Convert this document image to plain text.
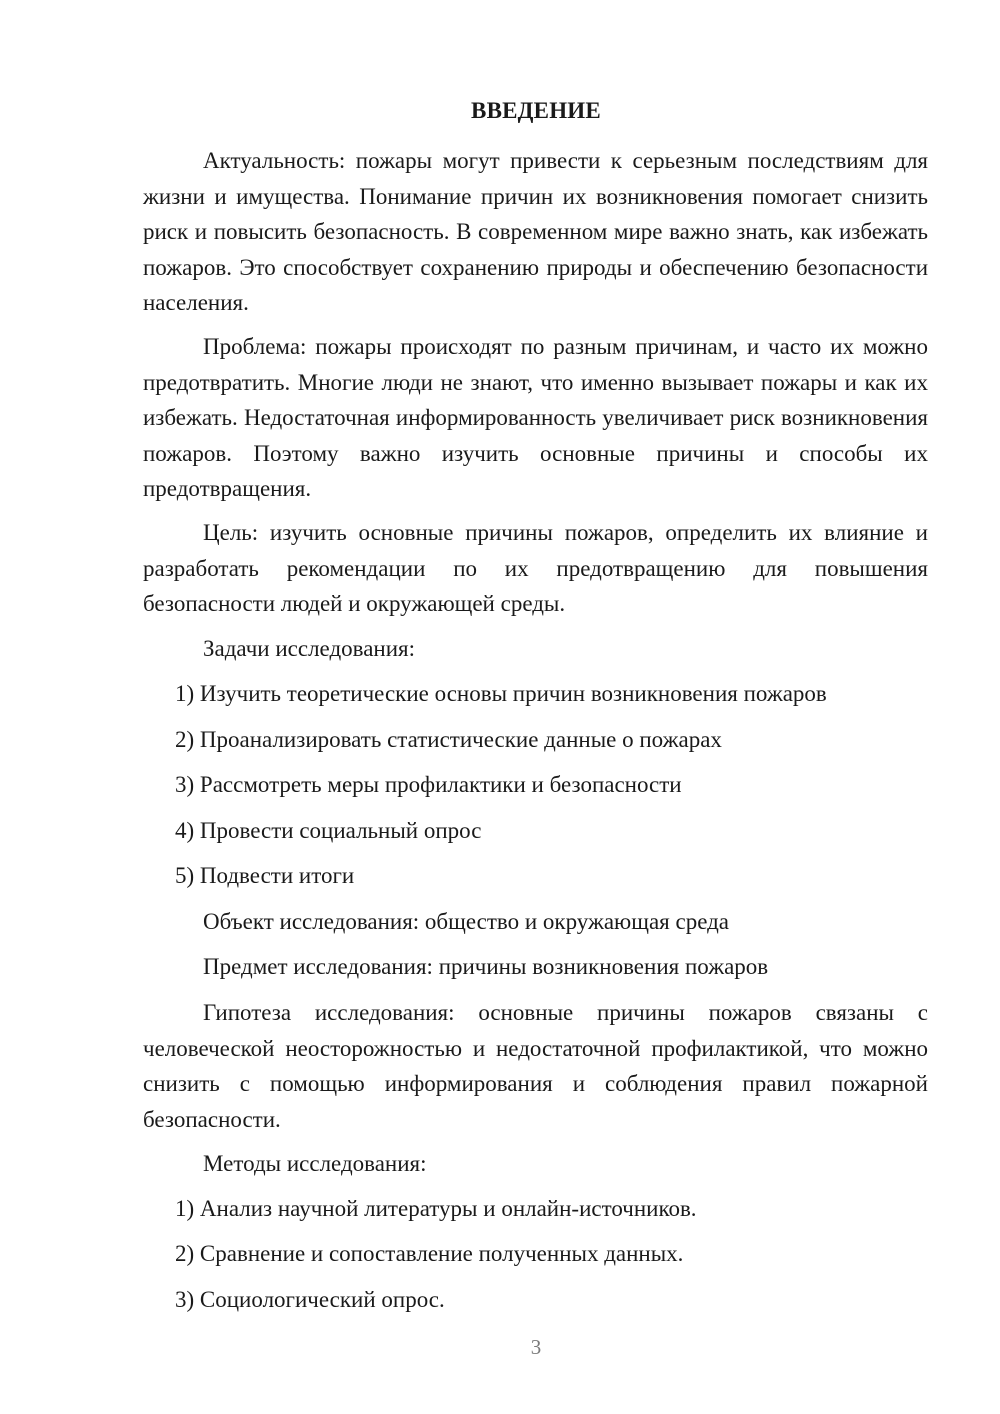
ВВЕДЕНИЕ

Актуальность: пожары могут привести к серьезным последствиям для жизни и имущества. Понимание причин их возникновения помогает снизить риск и повысить безопасность. В современном мире важно знать, как избежать пожаров. Это способствует сохранению природы и обеспечению безопасности населения.

Проблема: пожары происходят по разным причинам, и часто их можно предотвратить. Многие люди не знают, что именно вызывает пожары и как их избежать. Недостаточная информированность увеличивает риск возникновения пожаров. Поэтому важно изучить основные причины и способы их предотвращения.

Цель: изучить основные причины пожаров, определить их влияние и разработать рекомендации по их предотвращению для повышения безопасности людей и окружающей среды.

Задачи исследования:

1) Изучить теоретические основы причин возникновения пожаров

2) Проанализировать статистические данные о пожарах

3) Рассмотреть меры профилактики и безопасности

4) Провести социальный опрос

5) Подвести итоги

Объект исследования: общество и окружающая среда

Предмет исследования: причины возникновения пожаров

Гипотеза исследования: основные причины пожаров связаны с человеческой неосторожностью и недостаточной профилактикой, что можно снизить с помощью информирования и соблюдения правил пожарной безопасности.

Методы исследования:

1) Анализ научной литературы и онлайн-источников.

2) Сравнение и сопоставление полученных данных.

3) Социологический опрос.

3
